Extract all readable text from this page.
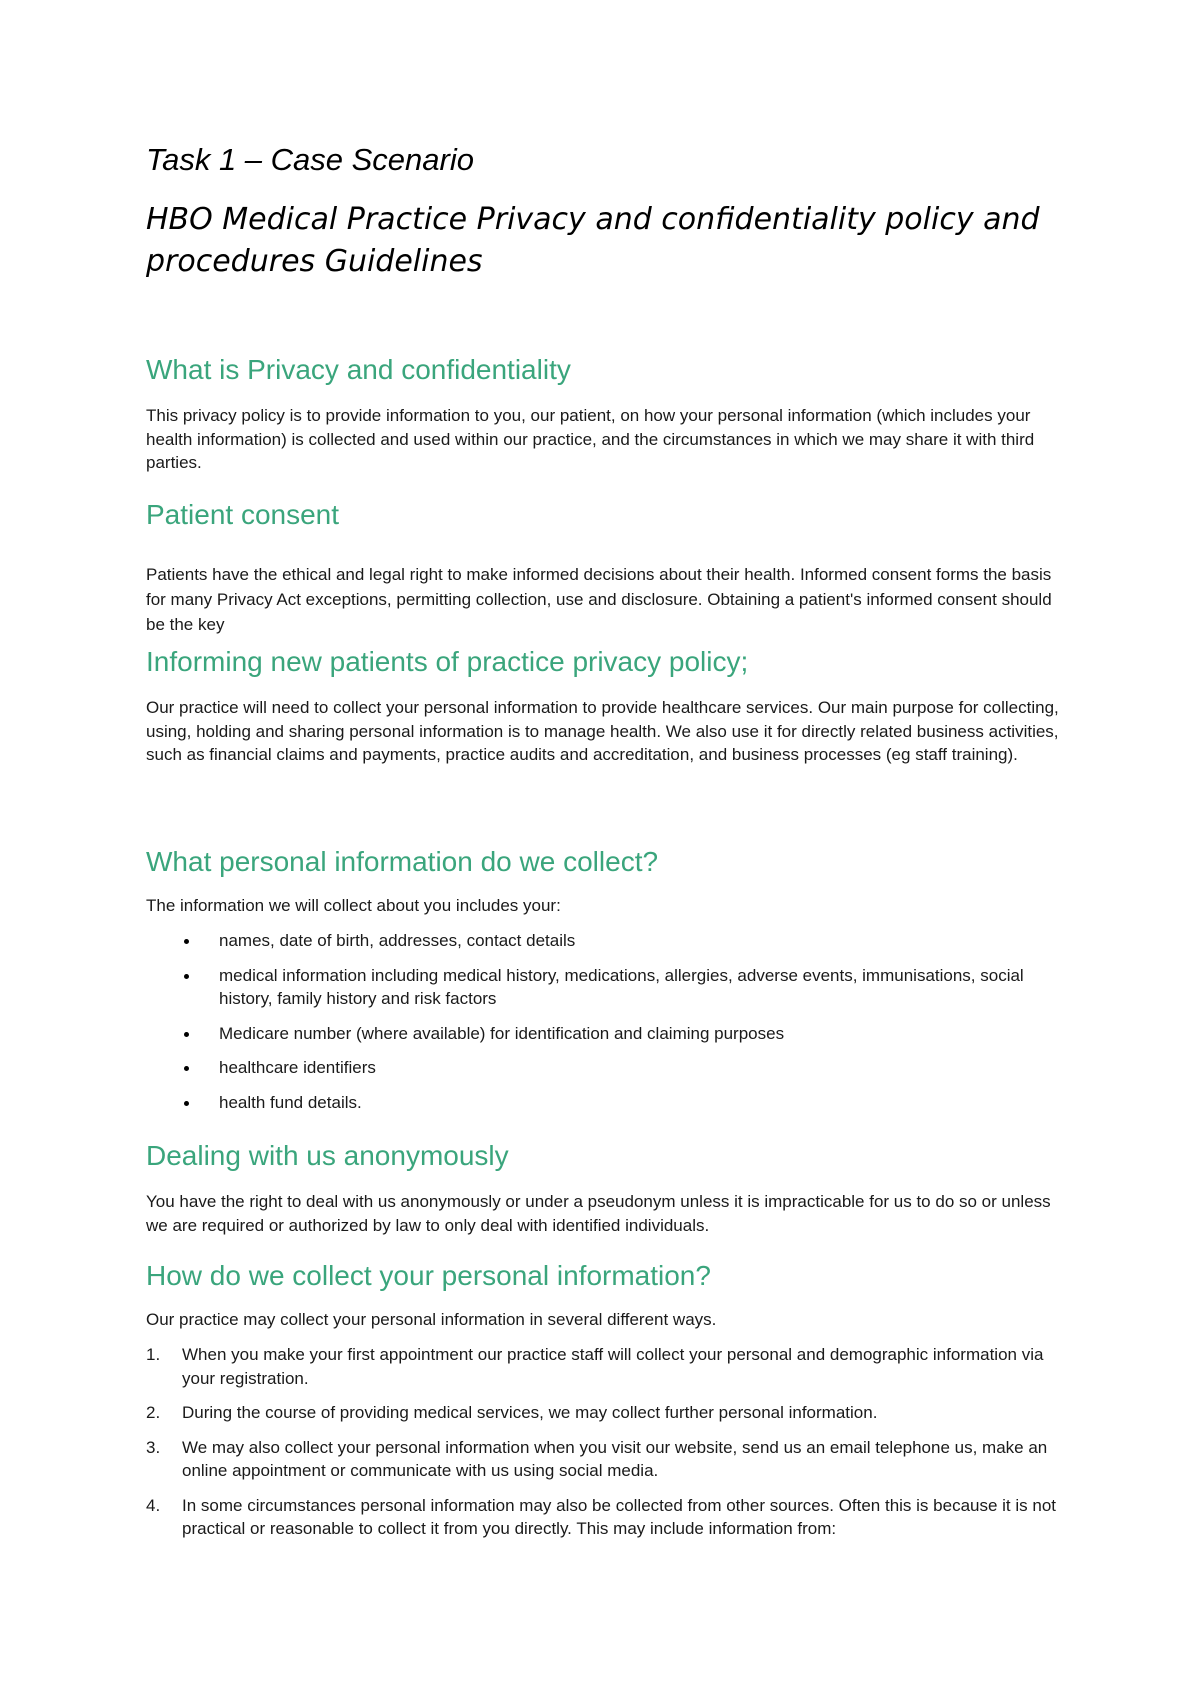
Task 1 – Case Scenario
HBO Medical Practice Privacy and confidentiality policy and procedures Guidelines
What is Privacy and confidentiality

This privacy policy is to provide information to you, our patient, on how your personal information (which includes your health information) is collected and used within our practice, and the circumstances in which we may share it with third parties.

Patient consent

Patients have the ethical and legal right to make informed decisions about their health. Informed consent forms the basis for many Privacy Act exceptions, permitting collection, use and disclosure. Obtaining a patient's informed consent should be the key

Informing new patients of practice privacy policy;

Our practice will need to collect your personal information to provide healthcare services. Our main purpose for collecting, using, holding and sharing personal information is to manage health. We also use it for directly related business activities, such as financial claims and payments, practice audits and accreditation, and business processes (eg staff training).

What personal information do we collect?

The information we will collect about you includes your:

names, date of birth, addresses, contact details
medical information including medical history, medications, allergies, adverse events, immunisations, social history, family history and risk factors
Medicare number (where available) for identification and claiming purposes
healthcare identifiers
health fund details.
Dealing with us anonymously

You have the right to deal with us anonymously or under a pseudonym unless it is impracticable for us to do so or unless we are required or authorized by law to only deal with identified individuals.

How do we collect your personal information?

Our practice may collect your personal information in several different ways.

1. When you make your first appointment our practice staff will collect your personal and demographic information via your registration.
2. During the course of providing medical services, we may collect further personal information.
3. We may also collect your personal information when you visit our website, send us an email telephone us, make an online appointment or communicate with us using social media.
4. In some circumstances personal information may also be collected from other sources. Often this is because it is not practical or reasonable to collect it from you directly. This may include information from:
